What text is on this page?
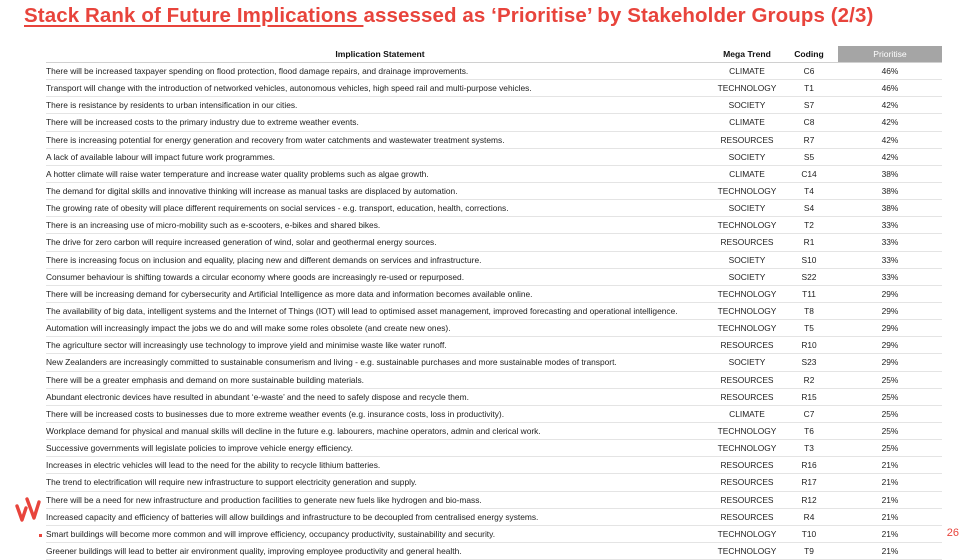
Stack Rank of Future Implications assessed as ‘Prioritise’ by Stakeholder Groups (2/3)
Implication Statement	Mega Trend	Coding	Prioritise
There will be increased taxpayer spending on flood protection, flood damage repairs, and drainage improvements.	CLIMATE	C6	46%
Transport will change with the introduction of networked vehicles, autonomous vehicles, high speed rail and multi-purpose vehicles.	TECHNOLOGY	T1	46%
There is resistance by residents to urban intensification in our cities.	SOCIETY	S7	42%
There will be increased costs to the primary industry due to extreme weather events.	CLIMATE	C8	42%
There is increasing potential for energy generation and recovery from water catchments and wastewater treatment systems.	RESOURCES	R7	42%
A lack of available labour will impact future work programmes.	SOCIETY	S5	42%
A hotter climate will raise water temperature and increase water quality problems such as algae growth.	CLIMATE	C14	38%
The demand for digital skills and innovative thinking will increase as manual tasks are displaced by automation.	TECHNOLOGY	T4	38%
The growing rate of obesity will place different requirements on social services - e.g. transport, education, health, corrections.	SOCIETY	S4	38%
There is an increasing use of micro-mobility such as e-scooters, e-bikes and shared bikes.	TECHNOLOGY	T2	33%
The drive for zero carbon will require increased generation of wind, solar and geothermal energy sources.	RESOURCES	R1	33%
There is increasing focus on inclusion and equality, placing new and different demands on services and infrastructure.	SOCIETY	S10	33%
Consumer behaviour is shifting towards a circular economy where goods are increasingly re-used or repurposed.	SOCIETY	S22	33%
There will be increasing demand for cybersecurity and Artificial Intelligence as more data and information becomes available online.	TECHNOLOGY	T11	29%
The availability of big data, intelligent systems and the Internet of Things (IOT) will lead to optimised asset management, improved forecasting and operational intelligence.	TECHNOLOGY	T8	29%
Automation will increasingly impact the jobs we do and will make some roles obsolete (and create new ones).	TECHNOLOGY	T5	29%
The agriculture sector will increasingly use technology to improve yield and minimise waste like water runoff.	RESOURCES	R10	29%
New Zealanders are increasingly committed to sustainable consumerism and living - e.g. sustainable purchases and more sustainable modes of transport.	SOCIETY	S23	29%
There will be a greater emphasis and demand on more sustainable building materials.	RESOURCES	R2	25%
Abundant electronic devices have resulted in abundant ‘e-waste’ and the need to safely dispose and recycle them.	RESOURCES	R15	25%
There will be increased costs to businesses due to more extreme weather events (e.g. insurance costs, loss in productivity).	CLIMATE	C7	25%
Workplace demand for physical and manual skills will decline in the future e.g. labourers, machine operators, admin and clerical work.	TECHNOLOGY	T6	25%
Successive governments will legislate policies to improve vehicle energy efficiency.	TECHNOLOGY	T3	25%
Increases in electric vehicles will lead to the need for the ability to recycle lithium batteries.	RESOURCES	R16	21%
The trend to electrification will require new infrastructure to support electricity generation and supply.	RESOURCES	R17	21%
There will be a need for new infrastructure and production facilities to generate new fuels like hydrogen and bio-mass.	RESOURCES	R12	21%
Increased capacity and efficiency of batteries will allow buildings and infrastructure to be decoupled from centralised energy systems.	RESOURCES	R4	21%
Smart buildings will become more common and will improve efficiency, occupancy productivity, sustainability and security.	TECHNOLOGY	T10	21%
Greener buildings will lead to better air environment quality, improving employee productivity and general health.	TECHNOLOGY	T9	21%
26
